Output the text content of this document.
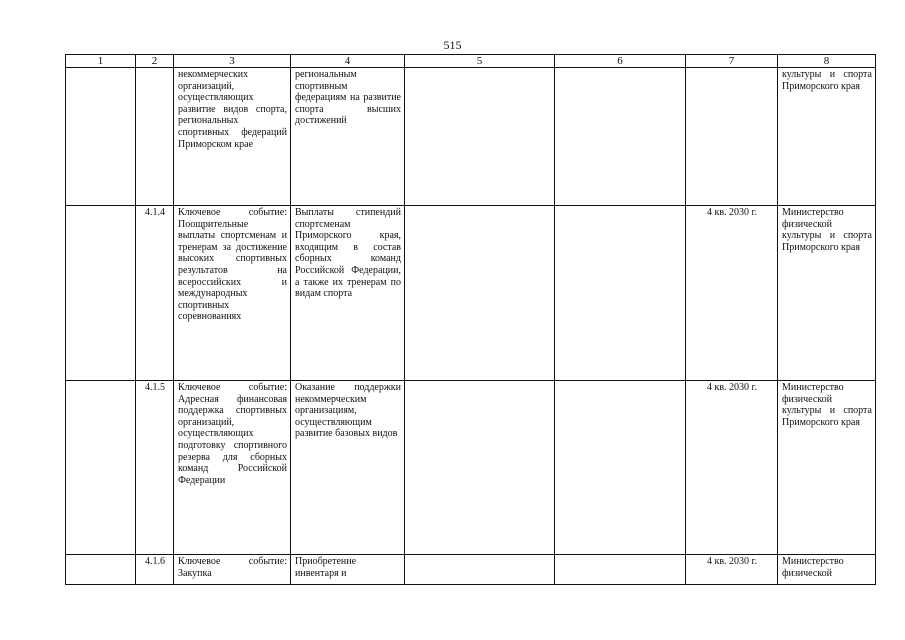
515
1	2	3	4	5	6	7	8
		некоммерческих организаций, осуществляющих развитие видов спорта, региональных спортивных федераций Приморском крае	региональным спортивным федерациям на развитие спорта высших достижений				культуры и спорта Приморского края
	4.1.4	Ключевое событие: Поощрительные выплаты спортсменам и тренерам за достижение высоких спортивных результатов на всероссийских и международных спортивных соревнованиях	Выплаты стипендий спортсменам Приморского края, входящим в состав сборных команд Российской Федерации, а также их тренерам по видам спорта			4 кв. 2030 г.	Министерство физической культуры и спорта Приморского края
	4.1.5	Ключевое событие: Адресная финансовая поддержка спортивных организаций, осуществляющих подготовку спортивного резерва для сборных команд Российской Федерации	Оказание поддержки некоммерческим организациям, осуществляющим развитие базовых видов			4 кв. 2030 г.	Министерство физической культуры и спорта Приморского края
	4.1.6	Ключевое событие: Закупка	Приобретение инвентаря и			4 кв. 2030 г.	Министерство физической
